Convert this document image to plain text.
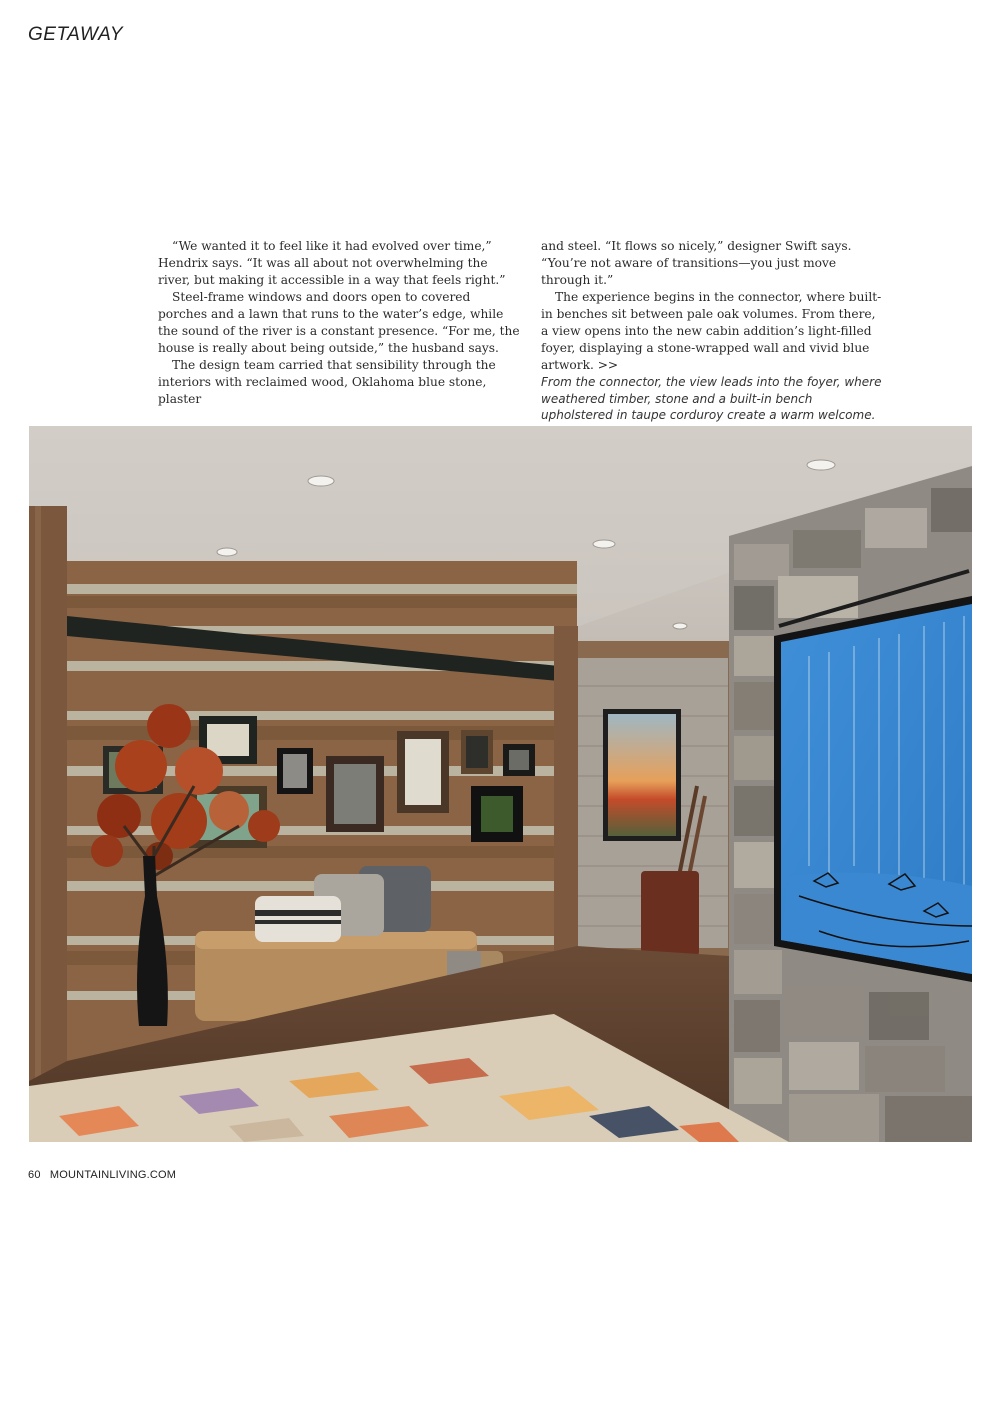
GETAWAY

“We wanted it to feel like it had evolved over time,” Hendrix says. “It was all about not overwhelming the river, but making it accessible in a way that feels right.”

Steel-frame windows and doors open to covered porches and a lawn that runs to the water’s edge, while the sound of the river is a constant presence. “For me, the house is really about being outside,” the husband says.

The design team carried that sensibility through the interiors with reclaimed wood, Oklahoma blue stone, plaster

and steel. “It flows so nicely,” designer Swift says. “You’re not aware of transitions—you just move through it.”

The experience begins in the connector, where built-in benches sit between pale oak volumes. From there, a view opens into the new cabin addition’s light-filled foyer, displaying a stone-wrapped wall and vivid blue artwork. >>

From the connector, the view leads into the foyer, where weathered timber, stone and a built-in bench upholstered in taupe corduroy create a warm welcome.

60 MOUNTAINLIVING.COM
